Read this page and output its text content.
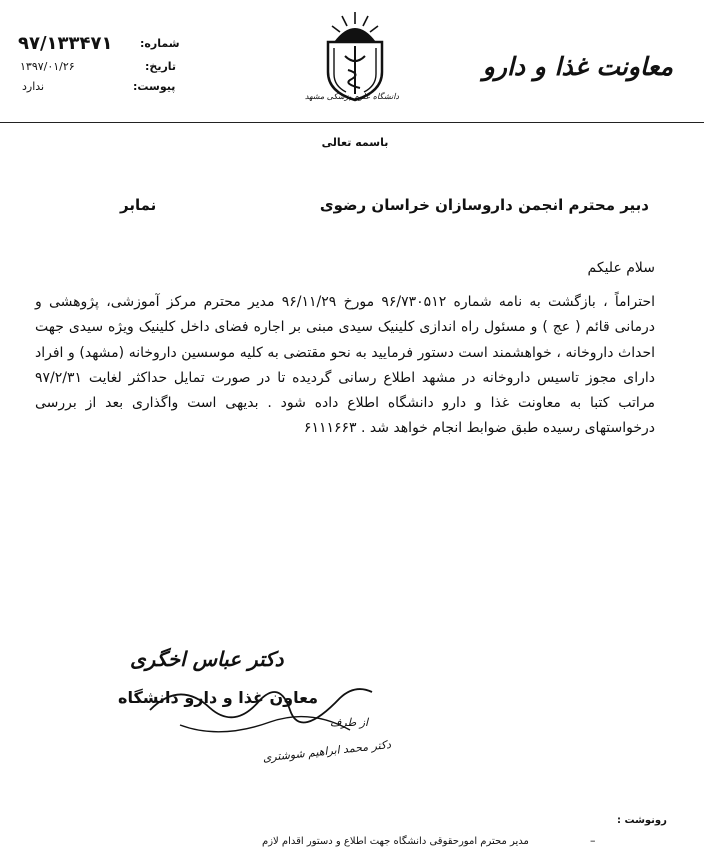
معاونت غذا و دارو
دانشگاه علوم پزشکی مشهد
شماره:
۹۷/۱۳۳۴۷۱
تاریخ:
۱۳۹۷/۰۱/۲۶
پیوست:
ندارد
باسمه تعالی
دبیر محترم انجمن داروسازان خراسان رضوی
نمابر
سلام علیکم
احتراماً ، بازگشت به نامه شماره ۹۶/۷۳۰۵۱۲ مورخ ۹۶/۱۱/۲۹ مدیر محترم مرکز آموزشی، پژوهشی و درمانی قائم ( عج ) و مسئول راه اندازی کلینیک سیدی مبنی بر اجاره فضای داخل کلینیک ویژه سیدی جهت احداث داروخانه ، خواهشمند است دستور فرمایید به نحو مقتضی به کلیه موسسین داروخانه (مشهد) و افراد دارای مجوز تاسیس داروخانه در مشهد اطلاع رسانی گردیده تا در صورت تمایل حداکثر لغایت ۹۷/۲/۳۱ مراتب کتبا به معاونت غذا و دارو دانشگاه اطلاع داده شود . بدیهی است واگذاری بعد از بررسی درخواستهای رسیده طبق ضوابط انجام خواهد شد . ۶۱۱۱۶۶۳
دکتر عباس اخگری
معاون غذا و دارو دانشگاه
از طرف
دکتر محمد ابراهیم شوشتری
رونوشت :
–
مدیر محترم امورحقوقی دانشگاه جهت اطلاع و دستور اقدام لازم
